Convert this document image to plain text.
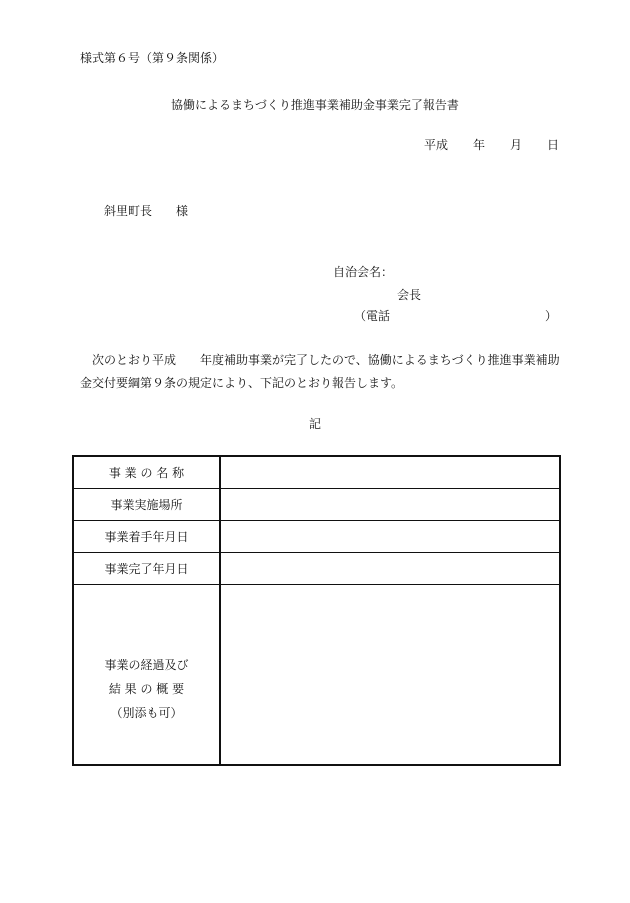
様式第６号（第９条関係）
協働によるまちづくり推進事業補助金事業完了報告書
平成 年 月 日
斜里町長　　様
自治会名：
会長
（電話	）
次のとおり平成　　年度補助事業が完了したので、協働によるまちづくり推進事業補助金交付要綱第９条の規定により、下記のとおり報告します。
記
事 業 の 名 称	
事業実施場所	
事業着手年月日	
事業完了年月日	

事業の経過及び
結 果 の 概 要
（別添も可）	
